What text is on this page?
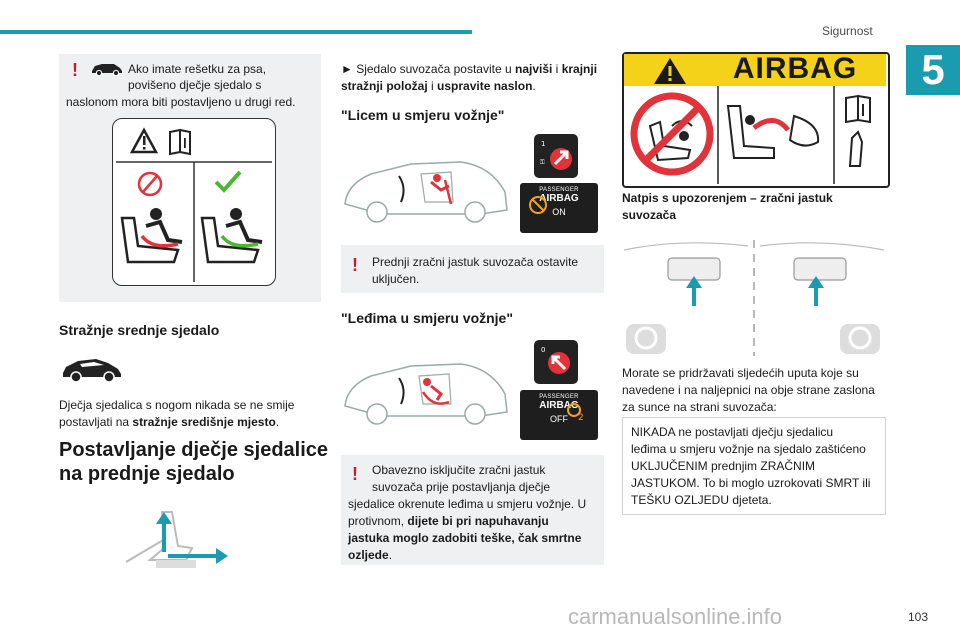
Sigurnost
5
!	Ako imate rešetku za psa,
povišeno dječje sjedalo s
naslonom mora biti postavljeno u drugi red.
Stražnje srednje sjedalo
Dječja sjedalica s nogom nikada se ne smije
postavljati na stražnje središnje mjesto.
Postavljanje dječje sjedalice
na prednje sjedalo
► Sjedalo suvozača postavite u najviši i krajnji
stražnji položaj i uspravite naslon.
"Licem u smjeru vožnje"
1
⚿
PASSENGER
AIRBAG
ON
! Prednji zračni jastuk suvozača ostavite
uključen.
"Leđima u smjeru vožnje"
0
PASSENGER
AIRBAG
OFF	2
! Obavezno isključite zračni jastuk
suvozača prije postavljanja dječje
sjedalice okrenute leđima u smjeru vožnje. U
protivnom, dijete bi pri napuhavanju
jastuka moglo zadobiti teške, čak smrtne
ozljede.
AIRBAG
Natpis s upozorenjem – zračni jastuk
suvozača
Morate se pridržavati sljedećih uputa koje su
navedene i na naljepnici na obje strane zaslona
za sunce na strani suvozača:
NIKADA ne postavljati dječju sjedalicu
leđima u smjeru vožnje na sjedalo zaštićeno
UKLJUČENIM prednjim ZRAČNIM
JASTUKOM. To bi moglo uzrokovati SMRT ili
TEŠKU OZLJEDU djeteta.
carmanualsonline.info	103
